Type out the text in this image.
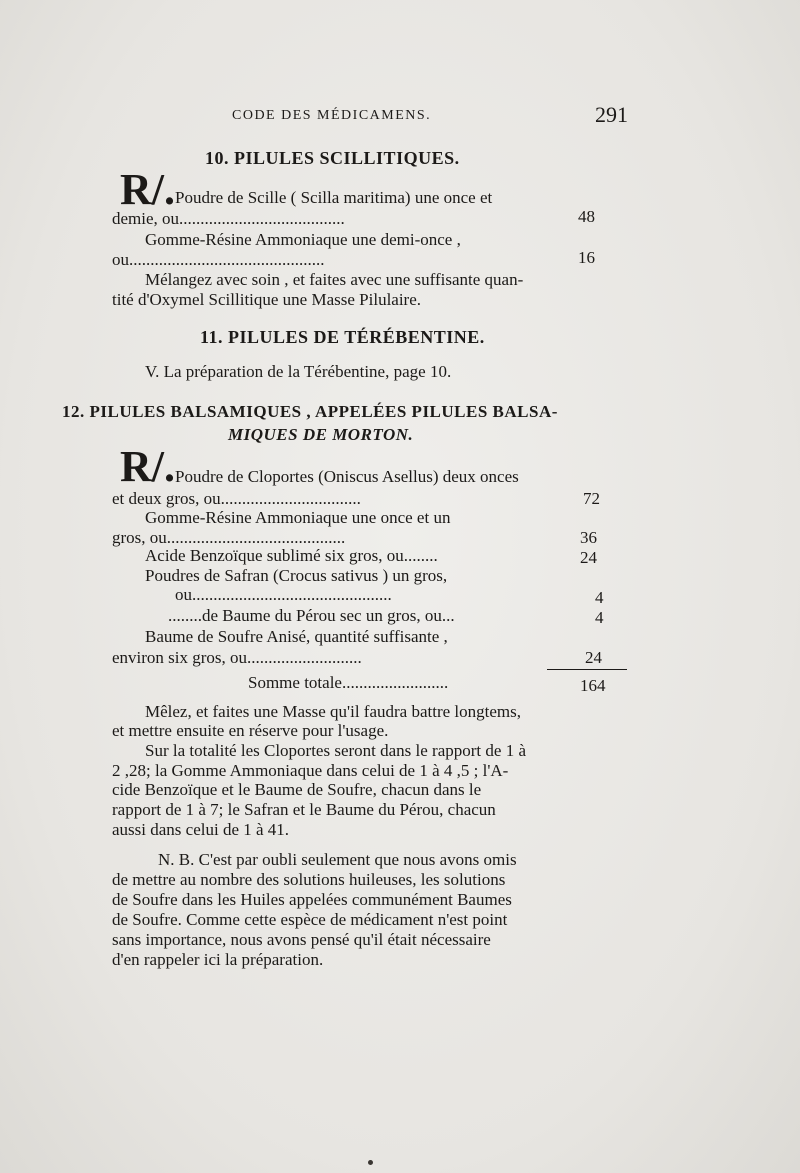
CODE DES MÉDICAMENS.	291
10. PILULES SCILLITIQUES.
R/. Poudre de Scille ( Scilla maritima) une once et
demie, ou.......................................	48
Gomme-Résine Ammoniaque une demi-once ,
ou..............................................	16
Mélangez avec soin , et faites avec une suffisante quan-
tité d'Oxymel Scillitique une Masse Pilulaire.
11. PILULES DE TÉRÉBENTINE.
V. La préparation de la Térébentine, page 10.
12. PILULES BALSAMIQUES , APPELÉES PILULES BALSA-
MIQUES DE MORTON.
R/. Poudre de Cloportes (Oniscus Asellus) deux onces
et deux gros, ou.................................	72
Gomme-Résine Ammoniaque une once et un
gros, ou..........................................	36
Acide Benzoïque sublimé six gros, ou........	24
Poudres de Safran (Crocus sativus ) un gros,
ou...............................................	4
........de Baume du Pérou sec un gros, ou...	4
Baume de Soufre Anisé, quantité suffisante ,
environ six gros, ou...........................	24
Somme totale.........................	164
Mêlez, et faites une Masse qu'il faudra battre longtems,
et mettre ensuite en réserve pour l'usage.
Sur la totalité les Cloportes seront dans le rapport de 1 à
2 ,28; la Gomme Ammoniaque dans celui de 1 à 4 ,5 ; l'A-
cide Benzoïque et le Baume de Soufre, chacun dans le
rapport de 1 à 7; le Safran et le Baume du Pérou, chacun
aussi dans celui de 1 à 41.
N. B. C'est par oubli seulement que nous avons omis
de mettre au nombre des solutions huileuses, les solutions
de Soufre dans les Huiles appelées communément Baumes
de Soufre. Comme cette espèce de médicament n'est point
sans importance, nous avons pensé qu'il était nécessaire
d'en rappeler ici la préparation.
